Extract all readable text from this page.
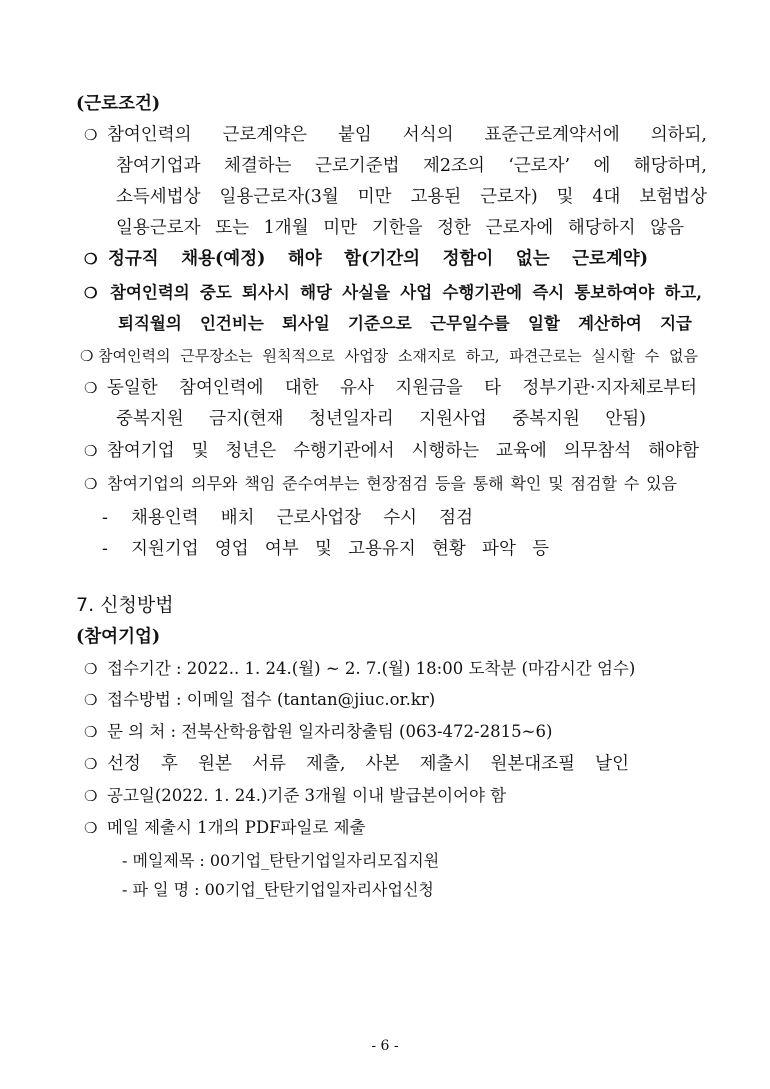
(근로조건)
❍ 참여인력의 근로계약은 붙임 서식의 표준근로계약서에 의하되,
참여기업과 체결하는 근로기준법 제2조의 ‘근로자’ 에 해당하며,
소득세법상 일용근로자(3월 미만 고용된 근로자) 및 4대 보험법상
일용근로자 또는 1개월 미만 기한을 정한 근로자에 해당하지 않음
❍ 정규직 채용(예정) 해야 함(기간의 정함이 없는 근로계약)
❍ 참여인력의 중도 퇴사시 해당 사실을 사업 수행기관에 즉시 통보하여야 하고,
퇴직월의 인건비는 퇴사일 기준으로 근무일수를 일할 계산하여 지급
❍ 참여인력의 근무장소는 원칙적으로 사업장 소재지로 하고, 파견근로는 실시할 수 없음
❍ 동일한 참여인력에 대한 유사 지원금을 타 정부기관·지자체로부터
중복지원 금지(현재 청년일자리 지원사업 중복지원 안됨)
❍ 참여기업 및 청년은 수행기관에서 시행하는 교육에 의무참석 해야함
❍ 참여기업의 의무와 책임 준수여부는 현장점검 등을 통해 확인 및 점검할 수 있음
- 채용인력 배치 근로사업장 수시 점검
- 지원기업 영업 여부 및 고용유지 현황 파악 등
7. 신청방법
(참여기업)
❍ 접수기간 : 2022.. 1. 24.(월) ~ 2. 7.(월) 18:00 도착분 (마감시간 엄수)
❍ 접수방법 : 이메일 접수 (tantan@jiuc.or.kr)
❍ 문 의 처 : 전북산학융합원 일자리창출팀 (063-472-2815~6)
❍ 선정 후 원본 서류 제출, 사본 제출시 원본대조필 날인
❍ 공고일(2022. 1. 24.)기준 3개월 이내 발급본이어야 함
❍ 메일 제출시 1개의 PDF파일로 제출
- 메일제목 : 00기업_탄탄기업일자리모집지원
- 파 일 명 : 00기업_탄탄기업일자리사업신청
- 6 -
